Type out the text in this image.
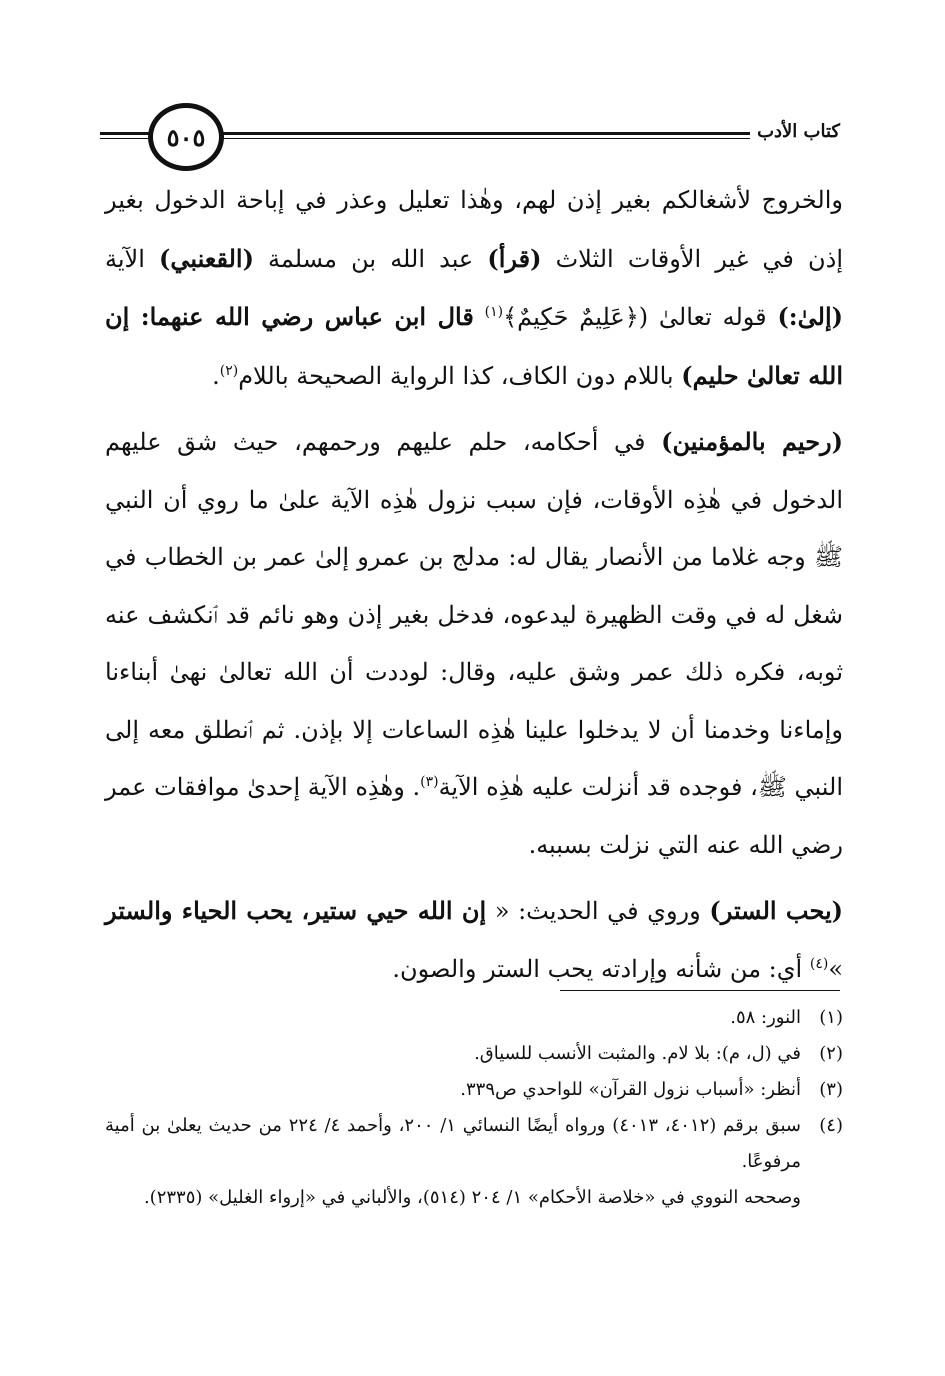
٥٠٥	كتاب الأدب

والخروج لأشغالكم بغير إذن لهم، وهٰذا تعليل وعذر في إباحة الدخول بغير إذن في غير الأوقات الثلاث (قرأ) عبد الله بن مسلمة (القعنبي) الآية (إلىٰ:) قوله تعالىٰ (﴿عَلِيمٌ حَكِيمٌ﴾$^{(١)}$ قال ابن عباس رضي الله عنهما: إن الله تعالىٰ حليم) باللام دون الكاف، كذا الرواية الصحيحة باللام$^{(٢)}$.

(رحيم بالمؤمنين) في أحكامه، حلم عليهم ورحمهم، حيث شق عليهم الدخول في هٰذِه الأوقات، فإن سبب نزول هٰذِه الآية علىٰ ما روي أن النبي ﷺ وجه غلاما من الأنصار يقال له: مدلج بن عمرو إلىٰ عمر بن الخطاب في شغل له في وقت الظهيرة ليدعوه، فدخل بغير إذن وهو نائم قد ٱنكشف عنه ثوبه، فكره ذلك عمر وشق عليه، وقال: لوددت أن الله تعالىٰ نهىٰ أبناءنا وإماءنا وخدمنا أن لا يدخلوا علينا هٰذِه الساعات إلا بإذن. ثم ٱنطلق معه إلى النبي ﷺ، فوجده قد أنزلت عليه هٰذِه الآية$^{(٣)}$. وهٰذِه الآية إحدىٰ موافقات عمر رضي الله عنه التي نزلت بسببه.

(يحب الستر) وروي في الحديث: « إن الله حيي ستير، يحب الحياء والستر »$^{(٤)}$ أي: من شأنه وإرادته يحب الستر والصون.

(١)
النور: ٥٨.
(٢)
في (ل، م): بلا لام. والمثبت الأنسب للسياق.
(٣)
أنظر: «أسباب نزول القرآن» للواحدي ص٣٣٩.
(٤)
سبق برقم (٤٠١٢، ٤٠١٣) ورواه أيضًا النسائي ١/ ٢٠٠، وأحمد ٤/ ٢٢٤ من حديث يعلىٰ بن أمية مرفوعًا.
وصححه النووي في «خلاصة الأحكام» ١/ ٢٠٤ (٥١٤)، والألباني في «إرواء الغليل» (٢٣٣٥).
